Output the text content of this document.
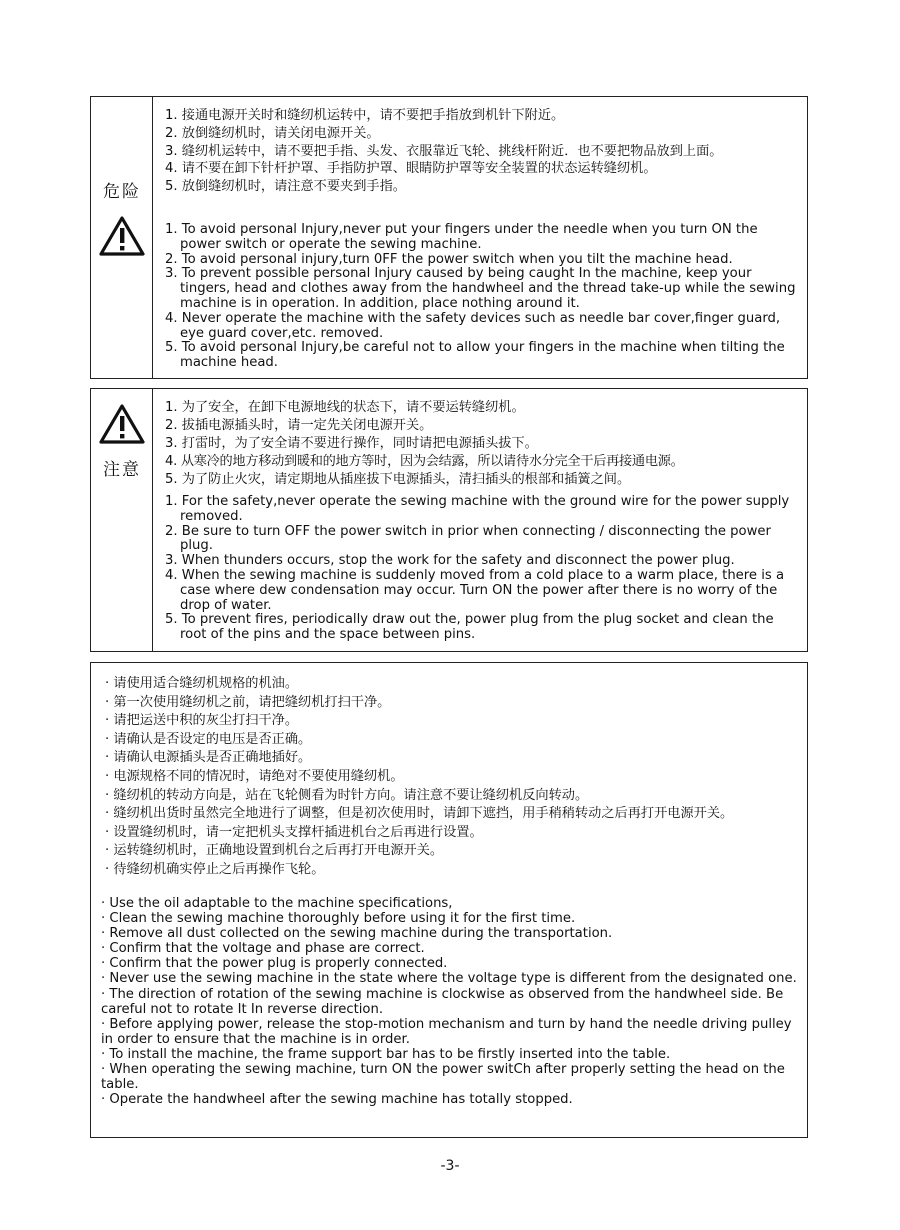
危险

1. 接通电源开关时和缝纫机运转中，请不要把手指放到机针下附近。

2. 放倒缝纫机时，请关闭电源开关。

3. 缝纫机运转中，请不要把手指、头发、衣服靠近飞轮、挑线杆附近．也不要把物品放到上面。

4. 请不要在卸下针杆护罩、手指防护罩、眼睛防护罩等安全装置的状态运转缝纫机。

5. 放倒缝纫机时，请注意不要夹到手指。

1. To avoid personal Injury,never put your fingers under the needle when you turn ON the power switch or operate the sewing machine.

2. To avoid personal injury,turn 0FF the power switch when you tilt the machine head.

3. To prevent possible personal Injury caused by being caught In the machine, keep your tingers, head and clothes away from the handwheel and the thread take-up while the sewing machine is in operation. In addition, place nothing around it.

4. Never operate the machine with the safety devices such as needle bar cover,finger guard, eye guard cover,etc. removed.

5. To avoid personal Injury,be careful not to allow your fingers in the machine when tilting the machine head.

注意

1. 为了安全，在卸下电源地线的状态下，请不要运转缝纫机。

2. 拔插电源插头时，请一定先关闭电源开关。

3. 打雷时，为了安全请不要进行操作，同时请把电源插头拔下。

4. 从寒冷的地方移动到暖和的地方等时，因为会结露，所以请待水分完全干后再接通电源。

5. 为了防止火灾，请定期地从插座拔下电源插头，清扫插头的根部和插簧之间。

1. For the safety,never operate the sewing machine with the ground wire for the power supply removed.

2. Be sure to turn OFF the power switch in prior when connecting / disconnecting the power plug.

3. When thunders occurs, stop the work for the safety and disconnect the power plug.

4. When the sewing machine is suddenly moved from a cold place to a warm place, there is a case where dew condensation may occur. Turn ON the power after there is no worry of the drop of water.

5. To prevent fires, periodically draw out the, power plug from the plug socket and clean the root of the pins and the space between pins.

· 请使用适合缝纫机规格的机油。

· 第一次使用缝纫机之前，请把缝纫机打扫干净。

· 请把运送中积的灰尘打扫干净。

· 请确认是否设定的电压是否正确。

· 请确认电源插头是否正确地插好。

· 电源规格不同的情况时，请绝对不要使用缝纫机。

· 缝纫机的转动方向是，站在飞轮侧看为时针方向。请注意不要让缝纫机反向转动。

· 缝纫机出货时虽然完全地进行了调整，但是初次使用时，请卸下遮挡，用手稍稍转动之后再打开电源开关。

· 设置缝纫机时，请一定把机头支撑杆插进机台之后再进行设置。

· 运转缝纫机时，正确地设置到机台之后再打开电源开关。

· 待缝纫机确实停止之后再操作飞轮。

· Use the oil adaptable to the machine specifications,

· Clean the sewing machine thoroughly before using it for the first time.

· Remove all dust collected on the sewing machine during the transportation.

· Confirm that the voltage and phase are correct.

· Confirm that the power plug is properly connected.

· Never use the sewing machine in the state where the voltage type is different from the designated one.

· The direction of rotation of the sewing machine is clockwise as observed from the handwheel side. Be careful not to rotate It In reverse direction.

· Before applying power, release the stop-motion mechanism and turn by hand the needle driving pulley in order to ensure that the machine is in order.

· To install the machine, the frame support bar has to be firstly inserted into the table.

· When operating the sewing machine, turn ON the power switCh after properly setting the head on the table.

· Operate the handwheel after the sewing machine has totally stopped.

-3-
